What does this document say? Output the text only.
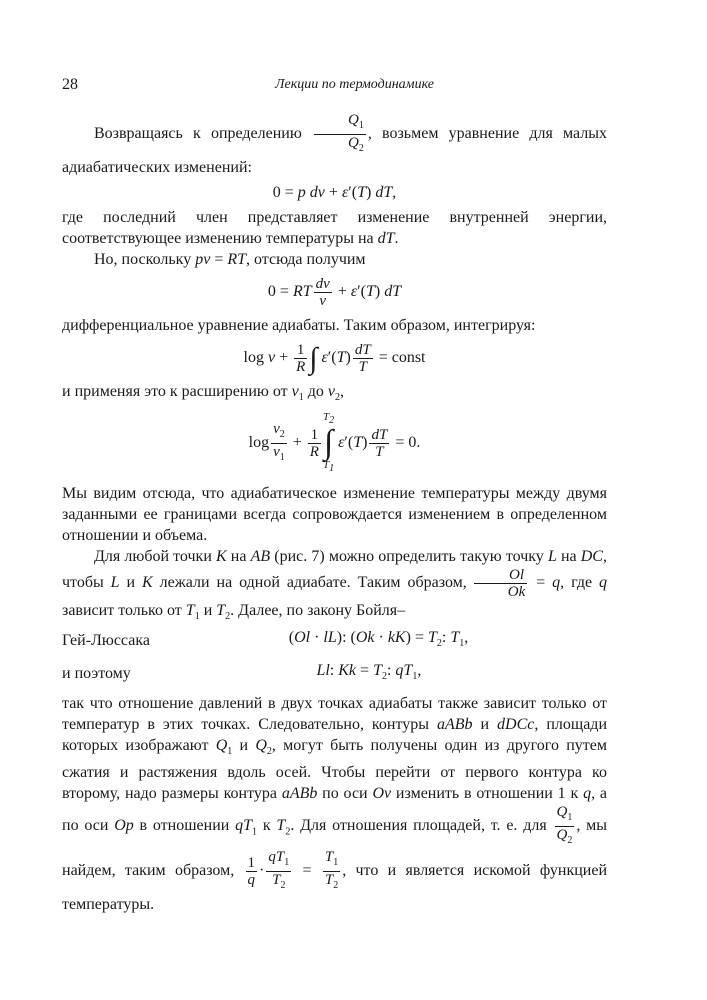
28	Лекции по термодинамике

Возвращаясь к определению $\frac{Q_1}{Q_2}$ , возьмем уравнение для малых адиабатических изменений:

0 = p dv + ε′(T) dT,

где последний член представляет изменение внутренней энергии, соответствующее изменению температуры на dT.

Но, поскольку pv = RT, отсюда получим

0 = RT $\frac{dv}{v} + \varepsilon'(T)$ dT

дифференциальное уравнение адиабаты. Таким образом, интегрируя:

$\log v + \frac{1}{R}$ ∫ $\varepsilon'(T) \frac{dT}{T}$ = const

и применяя это к расширению от $v_1$ до $v_2$,

$\log \frac{v_2}{v_1} + \frac{1}{R}$
$T_2$
∫
$T_1$
$\varepsilon'(T) \frac{dT}{T} = 0$.

Мы видим отсюда, что адиабатическое изменение температуры между двумя заданными ее границами всегда сопровождается изменением в определенном отношении и объема.

Для любой точки K на AB (рис. 7) можно определить такую точку L на DC, чтобы L и K лежали на одной адиабате. Таким образом, $\frac{Ol}{Ok} = q$, где q зависит только от $T_1$ и $T_2$. Далее, по закону Бойля–

Гей-Люссака	(Ol · lL): $(Ok \cdot kK) = T_2$: $T_1$,
и поэтому	Ll: $Kk = T_2$: $qT_1$,

так что отношение давлений в двух точках адиабаты также зависит только от температур в этих точках. Следовательно, контуры aABb и dDCc, площади которых изображают $Q_1$ и $Q_2$, могут быть получены один из другого путем сжатия и растяжения вдоль осей. Чтобы перейти от первого контура ко второму, надо размеры контура aABb по оси Ov изменить в отношении 1 к q, а по оси Op в отношении $qT_1$ к $T_2$. Для отношения площадей, т. е. для $\frac{Q_1}{Q_2}$ , мы найдем, таким образом, $\frac{1}{q} \cdot \frac{qT_1}{T_2} = \frac{T_1}{T_2}$ , что и является искомой функцией температуры.
